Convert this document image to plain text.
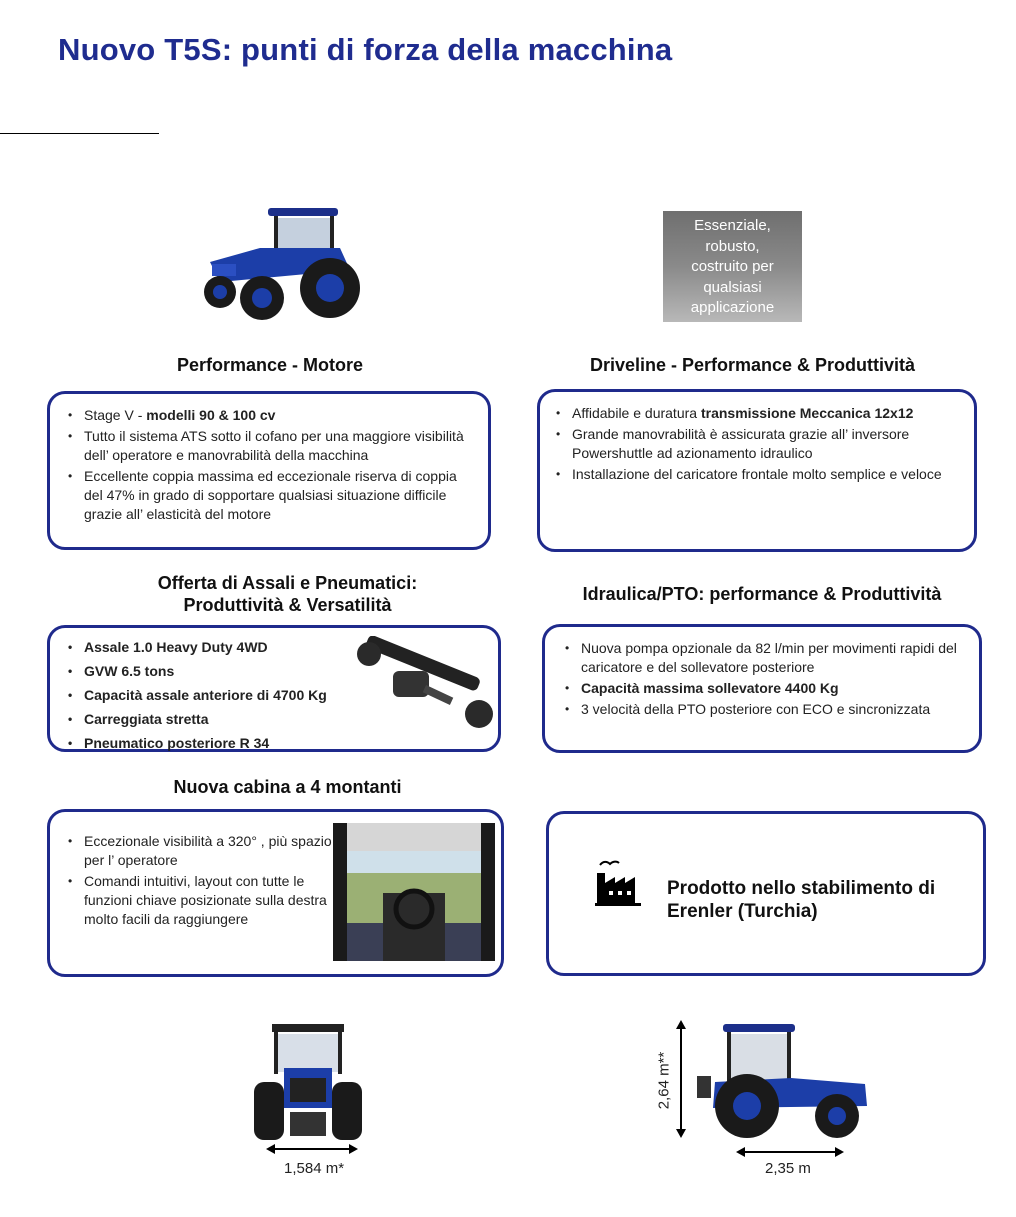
Nuovo T5S: punti di forza della macchina
Essenziale,
robusto,
costruito per
qualsiasi
applicazione
Performance - Motore
• Stage V - modelli 90 & 100 cv
• Tutto il sistema ATS sotto il cofano per una maggiore visibilità dell’ operatore e manovrabilità della macchina
• Eccellente coppia massima ed eccezionale riserva di coppia del 47% in grado di sopportare qualsiasi situazione difficile grazie all’ elasticità del motore
Driveline - Performance & Produttività
• Affidabile e duratura transmissione Meccanica 12x12
• Grande manovrabilità è assicurata grazie all’ inversore Powershuttle ad azionamento idraulico
• Installazione del caricatore frontale molto semplice e veloce
Offerta di Assali e Pneumatici:
Produttività & Versatilità
• Assale 1.0 Heavy Duty 4WD
• GVW 6.5 tons
• Capacità assale anteriore di 4700 Kg
• Carreggiata stretta
• Pneumatico posteriore R 34
Idraulica/PTO: performance & Produttività
• Nuova pompa opzionale da 82 l/min per movimenti rapidi del caricatore e del sollevatore posteriore
• Capacità massima sollevatore 4400 Kg
• 3 velocità della PTO posteriore con ECO e sincronizzata
Nuova cabina a 4 montanti
• Eccezionale visibilità a 320° , più spazio per l’ operatore
• Comandi intuitivi, layout con tutte le funzioni chiave posizionate sulla destra molto facili da raggiungere
Prodotto nello stabilimento di
Erenler (Turchia)
1,584 m*
2,64 m**
2,35 m
